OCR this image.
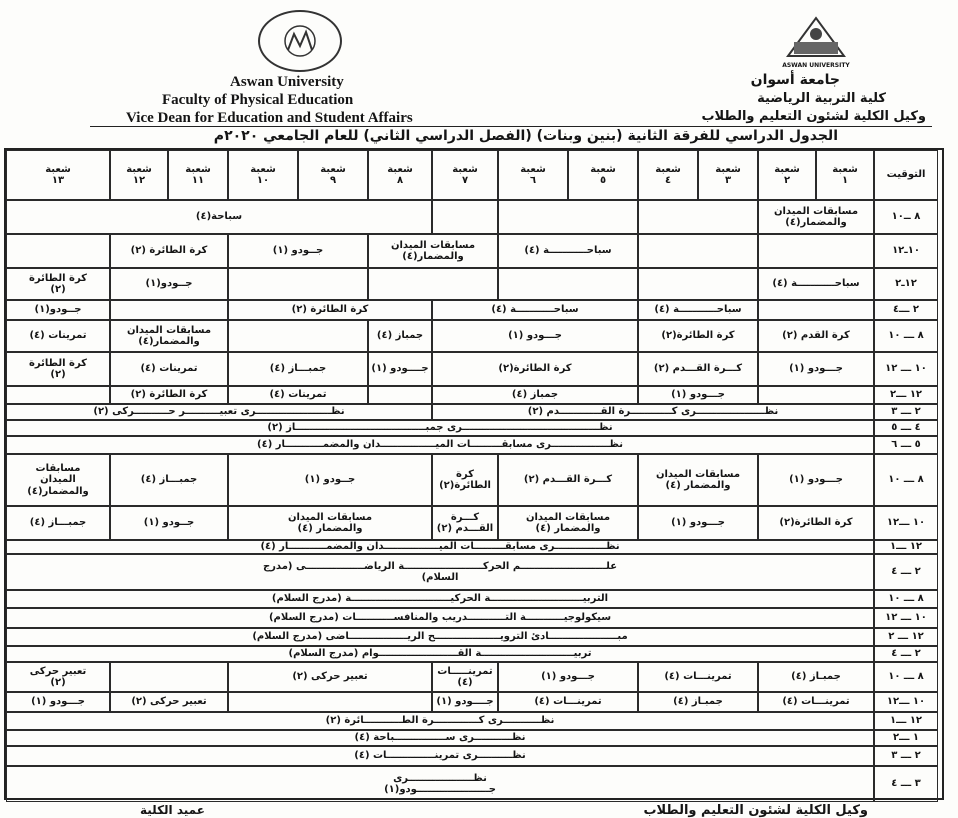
ASWAN UNIVERSITY
Aswan University
Faculty of Physical Education
Vice Dean for Education and Student Affairs
جامعة أسوان
كلية التربية الرياضية
وكيل الكلية لشئون التعليم والطلاب
الجدول الدراسي للفرقة الثانية (بنين وبنات) (الفصل الدراسي الثاني) للعام الجامعي ٢٠٢٠م
التوقيت
شعبة
١
شعبة
٢
شعبة
٣
شعبة
٤
شعبة
٥
شعبة
٦
شعبة
٧
شعبة
٨
شعبة
٩
شعبة
١٠
شعبة
١١
شعبة
١٢
شعبة
١٣
٨ ــ١٠
١٠ـ١٢
١٢ـ٢
٢ ـــ٤
٨ ـــ ١٠
١٠ ـــ ١٢
١٢ ـــ٢
٢ ـــ ٣
٤ ـــ ٥
٥ ـــ ٦
٨ ـــ ١٠
١٠ ـــ١٢
١٢ ـــ١
٢ ـــ ٤
٨ ـــ ١٠
١٠ ـــ ١٢
١٢ ـــ ٢
٢ ـــ ٤
٨ ـــ ١٠
١٠ ـــ١٢
١٢ ـــ١
١ ـــ٢
٢ ـــ ٣
٣ ـــ ٤
مسابقات الميدان
والمضمار(٤)
سباحة(٤)
سباحـــــــــــة (٤)
مسابقات الميدان
والمضمار(٤)
جــودو (١)
كرة الطائرة (٢)
سباحـــــــــــة (٤)
جــودو(١)
كرة الطائرة
(٢)
سباحـــــــــــة (٤)
سباحـــــــــــة (٤)
كرة الطائرة (٢)
جــودو(١)
كرة القدم (٢)
كرة الطائرة(٢)
جـــودو (١)
جمباز (٤)
مسابقات الميدان
والمضمار(٤)
تمرينات (٤)
جـــودو (١)
كـــرة القـــدم (٢)
كرة الطائرة(٢)
جــــودو (١)
جمبـــاز (٤)
تمرينات (٤)
كرة الطائرة
(٢)
جـــودو (١)
جمباز (٤)
تمرينات (٤)
كرة الطائرة (٢)
نظــــــــــــــــــــرى كــــــــــــرة القــــــــــــدم (٢)
نظــــــــــــــــــــــرى تعبيــــــــــر حــــــــــركى (٢)
نظــــــــــــــــــــــــــــــــــــــــرى جمبــــــــــــــــــــــــــــــــــــــاز (٢)
نظـــــــــــــــــرى مسابقـــــــــات الميــــــــــــــــدان والمضمـــــــــــار (٤)
جـــودو (١)
مسابقات الميدان
والمضمار (٤)
كـــرة القـــدم (٢)
كرة الطائرة(٢)
جــودو (١)
جمبـــاز (٤)
مسابقات
الميدان
والمضمار(٤)
كرة الطائرة(٢)
جـــودو (١)
مسابقات الميدان
والمضمار (٤)
كـــرة القـــدم (٢)
مسابقات الميدان
والمضمار (٤)
جــودو (١)
جمبـــاز (٤)
نظـــــــــــــــرى مسابقـــــــــات الميــــــــــــــــدان والمضمـــــــــــار (٤)
علـــــــــــــــــــــــــم الحركـــــــــــــــــــــــة الرياضـــــــــــــــــى (مدرج
السلام)
التربيـــــــــــــــــــــــــــة الحركيـــــــــــــــــــــــــــــة (مدرج السلام)
سيكولوجيـــــــــــة التـــــــــــدريب والمنافســـــــــــات (مدرج السلام)
مبــــــــــــــــــــادئ الترويـــــــــــــــــــح الريـــــــــــــــــاضى (مدرج السلام)
تربيـــــــــــــــــــــــــــة القـــــــــــــــــــــــوام (مدرج السلام)
جمبـاز (٤)
تمرينـــات (٤)
جـــودو (١)
تمرينـــــات (٤)
تعبير حركى (٢)
تعبير حركى
(٢)
تمرينـــات (٤)
جمبـاز (٤)
تمرينـــات (٤)
جــــودو (١)
تعبير حركى (٢)
جـــودو (١)
نظـــــــــــرى كـــــــــــــرة الطـــــــــــائرة (٢)
نظـــــــــــرى ســـــــــــــــباحة (٤)
نظــــــــــرى تمرينــــــــــــــات (٤)
نظـــــــــــــــــــرى
جـــــــــــــــــــــودو(١)
وكيل الكلية لشئون التعليم والطلاب
عميد الكلية
